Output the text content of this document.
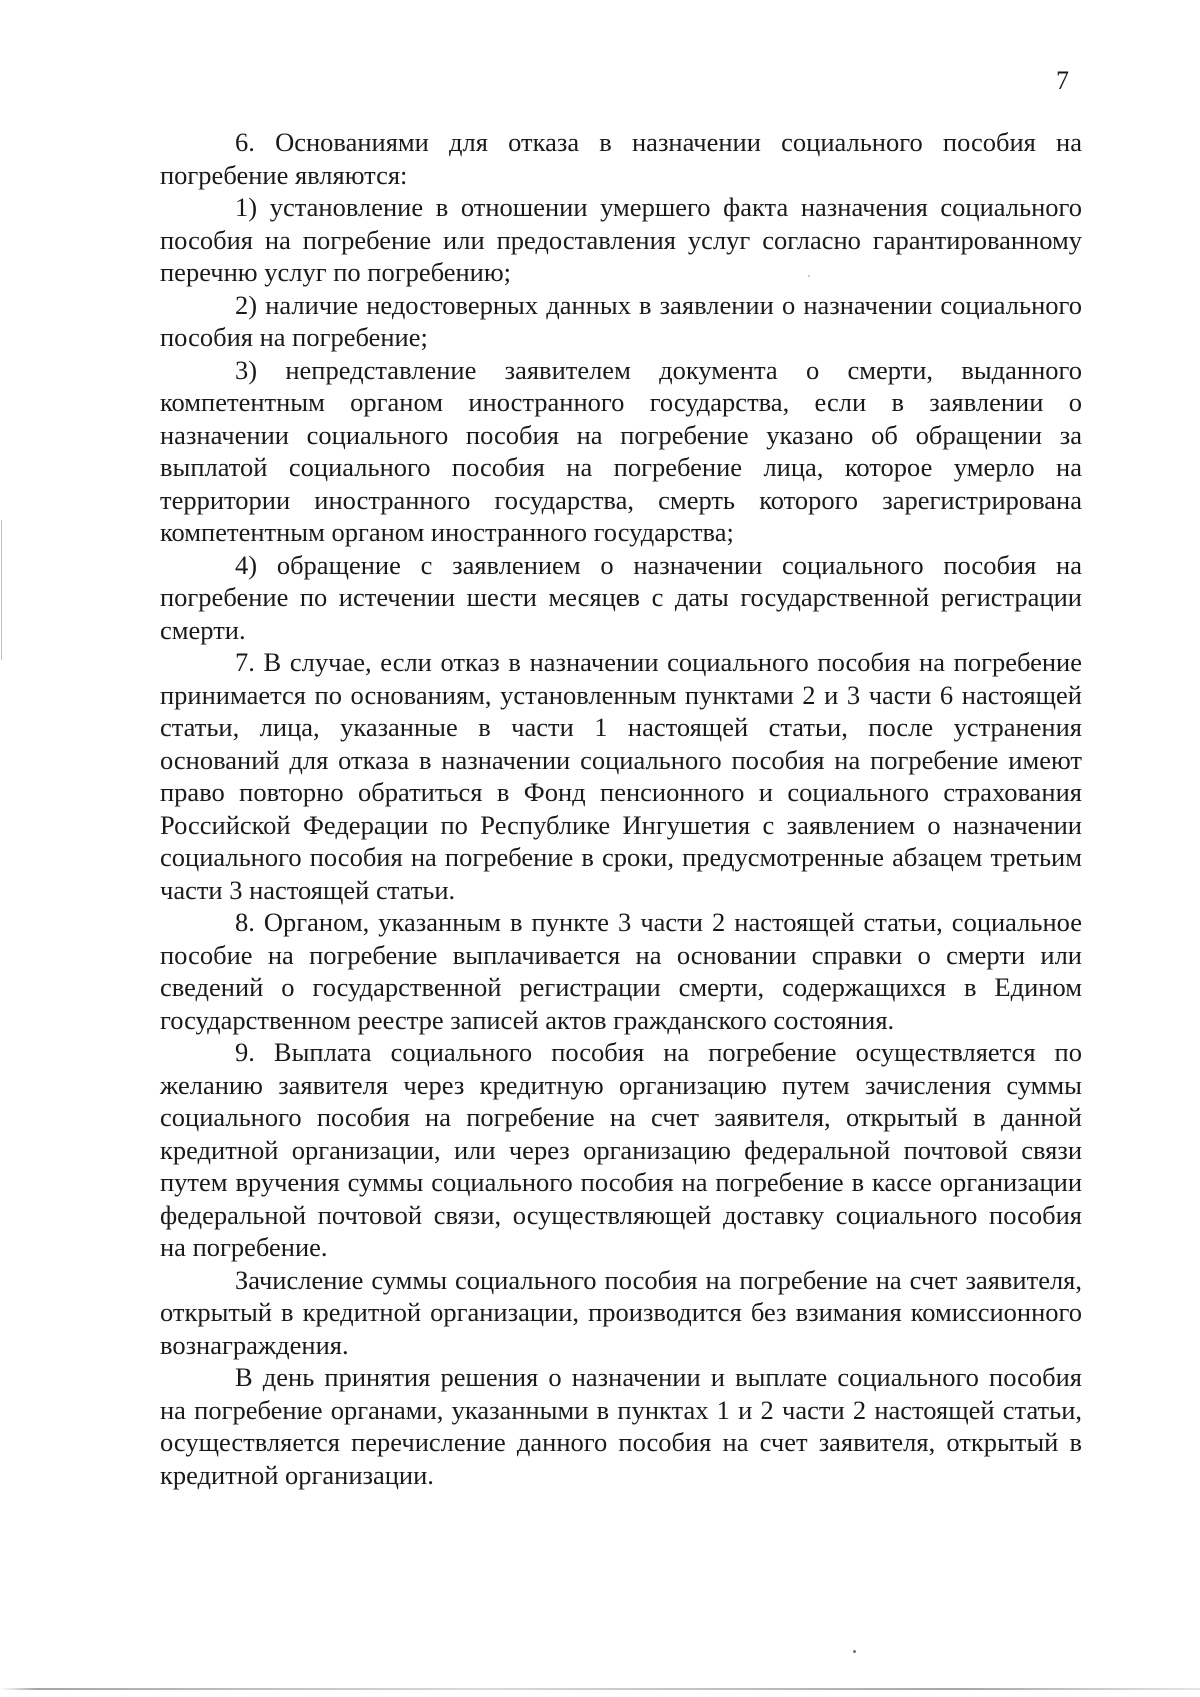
7

6. Основаниями для отказа в назначении социального пособия на погребение являются:

1) установление в отношении умершего факта назначения социального пособия на погребение или предоставления услуг согласно гарантированному перечню услуг по погребению;

2) наличие недостоверных данных в заявлении о назначении социального пособия на погребение;

3) непредставление заявителем документа о смерти, выданного компетентным органом иностранного государства, если в заявлении о назначении социального пособия на погребение указано об обращении за выплатой социального пособия на погребение лица, которое умерло на территории иностранного государства, смерть которого зарегистрирована компетентным органом иностранного государства;

4) обращение с заявлением о назначении социального пособия на погребение по истечении шести месяцев с даты государственной регистрации смерти.

7. В случае, если отказ в назначении социального пособия на погребение принимается по основаниям, установленным пунктами 2 и 3 части 6 настоящей статьи, лица, указанные в части 1 настоящей статьи, после устранения оснований для отказа в назначении социального пособия на погребение имеют право повторно обратиться в Фонд пенсионного и социального страхования Российской Федерации по Республике Ингушетия с заявлением о назначении социального пособия на погребение в сроки, предусмотренные абзацем третьим части 3 настоящей статьи.

8. Органом, указанным в пункте 3 части 2 настоящей статьи, социальное пособие на погребение выплачивается на основании справки о смерти или сведений о государственной регистрации смерти, содержащихся в Едином государственном реестре записей актов гражданского состояния.

9. Выплата социального пособия на погребение осуществляется по желанию заявителя через кредитную организацию путем зачисления суммы социального пособия на погребение на счет заявителя, открытый в данной кредитной организации, или через организацию федеральной почтовой связи путем вручения суммы социального пособия на погребение в кассе организации федеральной почтовой связи, осуществляющей доставку социального пособия на погребение.

Зачисление суммы социального пособия на погребение на счет заявителя, открытый в кредитной организации, производится без взимания комиссионного вознаграждения.

В день принятия решения о назначении и выплате социального пособия на погребение органами, указанными в пунктах 1 и 2 части 2 настоящей статьи, осуществляется перечисление данного пособия на счет заявителя, открытый в кредитной организации.
